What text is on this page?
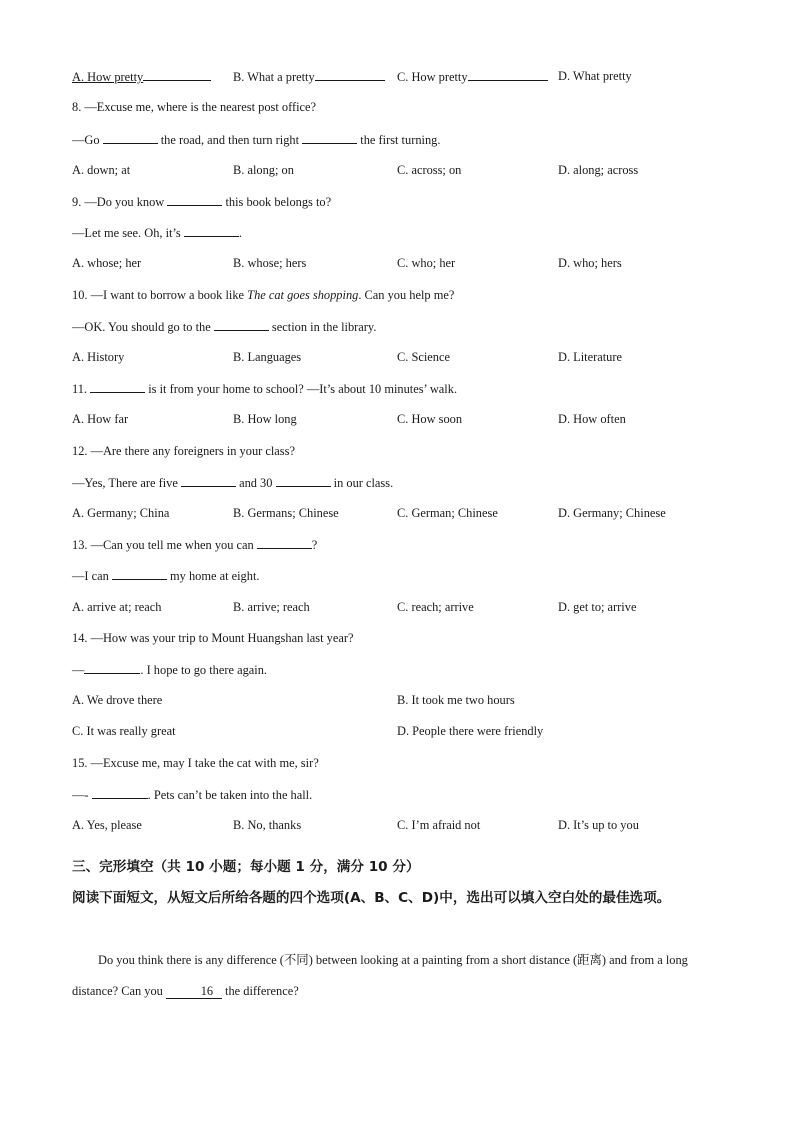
A. How pretty	B. What a pretty	C. How pretty	D. What pretty
8. —Excuse me, where is the nearest post office?
—Go	the road, and then turn right	the first turning.
A. down; at	B. along; on	C. across; on	D. along; across
9. —Do you know	this book belongs to?
—Let me see. Oh, it’s	.
A. whose; her	B. whose; hers	C. who; her	D. who; hers
10. —I want to borrow a book like The cat goes shopping. Can you help me?
—OK. You should go to the	section in the library.
A. History	B. Languages	C. Science	D. Literature
11.	is it from your home to school? —It’s about 10 minutes’ walk.
A. How far	B. How long	C. How soon	D. How often
12. —Are there any foreigners in your class?
—Yes, There are five	and 30	in our class.
A. Germany; China	B. Germans; Chinese	C. German; Chinese	D. Germany; Chinese
13. —Can you tell me when you can	?
—I can	my home at eight.
A. arrive at; reach	B. arrive; reach	C. reach; arrive	D. get to; arrive
14. —How was your trip to Mount Huangshan last year?
—	. I hope to go there again.
A. We drove there	B. It took me two hours
C. It was really great	D. People there were friendly
15. —Excuse me, may I take the cat with me, sir?
—-	. Pets can’t be taken into the hall.
A. Yes, please	B. No, thanks	C. I’m afraid not	D. It’s up to you
三、完形填空（共 10 小题；每小题 1 分，满分 10 分）
阅读下面短文，从短文后所给各题的四个选项(A、B、C、D)中，选出可以填入空白处的最佳选项。
Do you think there is any difference (不同) between looking at a painting from a short distance (距离) and from a long distance? Can you	16 the difference?
